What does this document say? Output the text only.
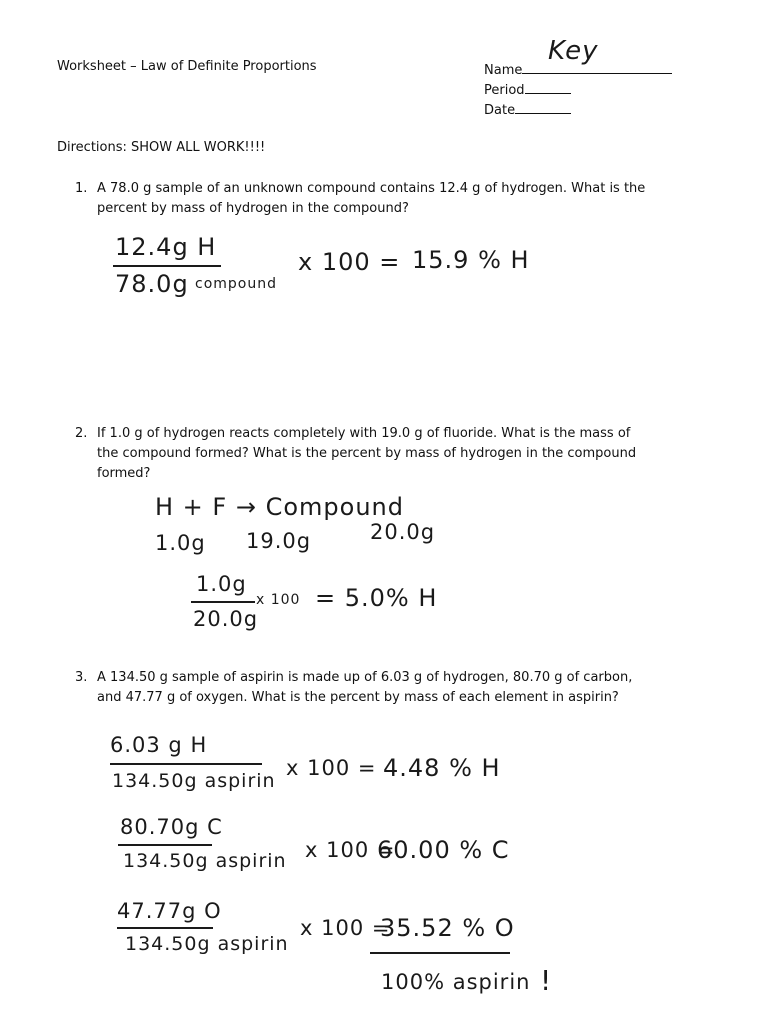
Worksheet – Law of Definite Proportions	Name
Key
Period
Date
Directions: SHOW ALL WORK!!!!
1. A 78.0 g sample of an unknown compound contains 12.4 g of hydrogen. What is the
percent by mass of hydrogen in the compound?
12.4g H
78.0g compound
x 100 = 15.9 % H
2. If 1.0 g of hydrogen reacts completely with 19.0 g of fluoride. What is the mass of
the compound formed? What is the percent by mass of hydrogen in the compound
formed?
H + F → Compound
1.0g 19.0g	20.0g
1.0g
20.0g
x 100 = 5.0% H
3. A 134.50 g sample of aspirin is made up of 6.03 g of hydrogen, 80.70 g of carbon,
and 47.77 g of oxygen. What is the percent by mass of each element in aspirin?
6.03 g H
134.50g aspirin
x 100 = 4.48 % H
80.70g C
134.50g aspirin x 100 =
60.00 % C
47.77g O
134.50g aspirin
x 100 =
35.52 % O
100% aspirin !
